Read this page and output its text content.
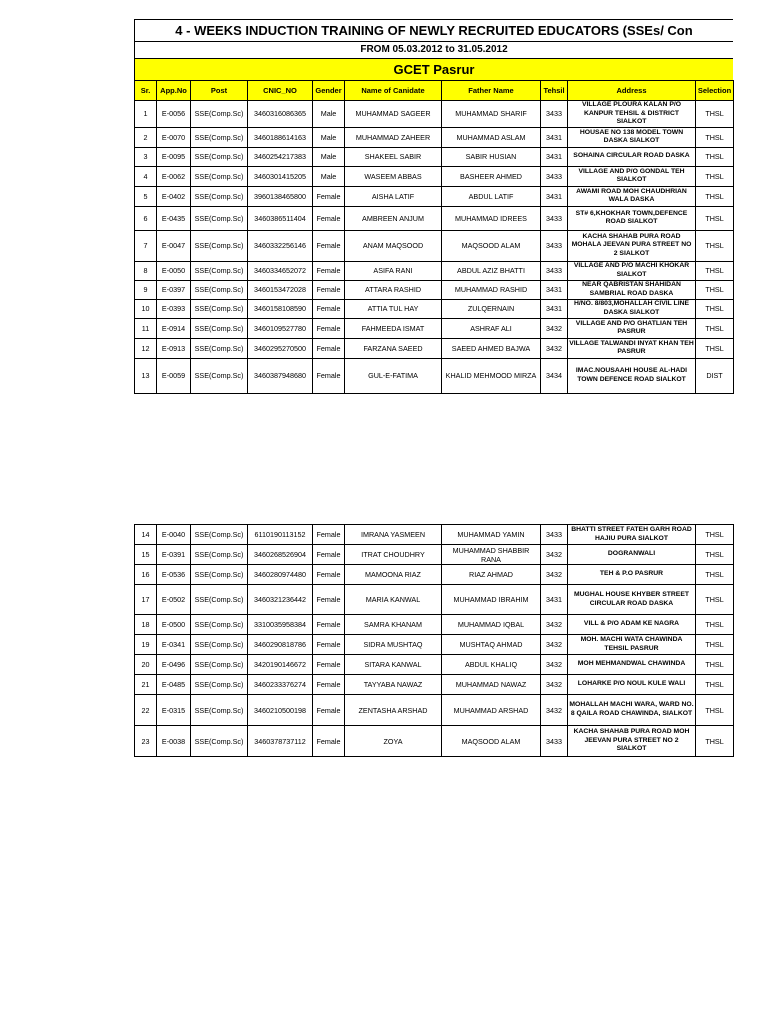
4 - WEEKS INDUCTION TRAINING OF NEWLY RECRUITED EDUCATORS (SSEs/ Con
FROM 05.03.2012 to 31.05.2012
GCET Pasrur
Sr.	App.No	Post	CNIC_NO	Gender	Name of Canidate	Father Name	Tehsil	Address	Selection
1	E-0056	SSE(Comp.Sc)	3460316086365	Male	MUHAMMAD SAGEER	MUHAMMAD SHARIF	3433	VILLAGE PLOURA KALAN P/O KANPUR TEHSIL & DISTRICT SIALKOT	THSL
2	E-0070	SSE(Comp.Sc)	3460188614163	Male	MUHAMMAD ZAHEER	MUHAMMAD ASLAM	3431	HOUSAE NO 138 MODEL TOWN DASKA SIALKOT	THSL
3	E-0095	SSE(Comp.Sc)	3460254217383	Male	SHAKEEL SABIR	SABIR HUSIAN	3431	SOHAINA CIRCULAR ROAD DASKA	THSL
4	E-0062	SSE(Comp.Sc)	3460301415205	Male	WASEEM ABBAS	BASHEER AHMED	3433	VILLAGE AND P/O GONDAL TEH SIALKOT	THSL
5	E-0402	SSE(Comp.Sc)	3960138465800	Female	AISHA LATIF	ABDUL LATIF	3431	AWAMI ROAD MOH CHAUDHRIAN WALA DASKA	THSL
6	E-0435	SSE(Comp.Sc)	3460386511404	Female	AMBREEN ANJUM	MUHAMMAD IDREES	3433	ST# 6,KHOKHAR TOWN,DEFENCE ROAD SIALKOT	THSL
7	E-0047	SSE(Comp.Sc)	3460332256146	Female	ANAM MAQSOOD	MAQSOOD ALAM	3433	KACHA SHAHAB PURA ROAD MOHALA JEEVAN PURA STREET NO 2 SIALKOT	THSL
8	E-0050	SSE(Comp.Sc)	3460334652072	Female	ASIFA RANI	ABDUL AZIZ BHATTI	3433	VILLAGE AND P/O MACHI KHOKAR SIALKOT	THSL
9	E-0397	SSE(Comp.Sc)	3460153472028	Female	ATTARA RASHID	MUHAMMAD RASHID	3431	NEAR QABRISTAN SHAHIDAN SAMBRIAL ROAD DASKA	THSL
10	E-0393	SSE(Comp.Sc)	3460158108590	Female	ATTIA TUL HAY	ZULQERNAIN	3431	H/NO. 8/803,MOHALLAH CIVIL LINE DASKA SIALKOT	THSL
11	E-0914	SSE(Comp.Sc)	3460109527780	Female	FAHMEEDA ISMAT	ASHRAF ALI	3432	VILLAGE AND P/O GHATLIAN TEH PASRUR	THSL
12	E-0913	SSE(Comp.Sc)	3460295270500	Female	FARZANA SAEED	SAEED AHMED BAJWA	3432	VILLAGE TALWANDI INYAT KHAN TEH PASRUR	THSL
13	E-0059	SSE(Comp.Sc)	3460387948680	Female	GUL-E-FATIMA	KHALID MEHMOOD MIRZA	3434	IMAC.NOUSAAHI HOUSE AL-HADI TOWN DEFENCE ROAD SIALKOT	DIST
14	E-0040	SSE(Comp.Sc)	6110190113152	Female	IMRANA YASMEEN	MUHAMMAD YAMIN	3433	BHATTI STREET FATEH GARH ROAD HAJIU PURA SIALKOT	THSL
15	E-0391	SSE(Comp.Sc)	3460268526904	Female	ITRAT CHOUDHRY	MUHAMMAD SHABBIR RANA	3432	DOGRANWALI	THSL
16	E-0536	SSE(Comp.Sc)	3460280974480	Female	MAMOONA RIAZ	RIAZ AHMAD	3432	TEH & P.O PASRUR	THSL
17	E-0502	SSE(Comp.Sc)	3460321236442	Female	MARIA KANWAL	MUHAMMAD IBRAHIM	3431	MUGHAL HOUSE KHYBER STREET CIRCULAR ROAD DASKA	THSL
18	E-0500	SSE(Comp.Sc)	3310035958384	Female	SAMRA KHANAM	MUHAMMAD IQBAL	3432	VILL & P/O ADAM KE NAGRA	THSL
19	E-0341	SSE(Comp.Sc)	3460290818786	Female	SIDRA MUSHTAQ	MUSHTAQ AHMAD	3432	MOH. MACHI WATA CHAWINDA TEHSIL PASRUR	THSL
20	E-0496	SSE(Comp.Sc)	3420190146672	Female	SITARA KANWAL	ABDUL KHALIQ	3432	MOH MEHMANDWAL CHAWINDA	THSL
21	E-0485	SSE(Comp.Sc)	3460233376274	Female	TAYYABA NAWAZ	MUHAMMAD NAWAZ	3432	LOHARKE P/O NOUL KULE WALI	THSL
22	E-0315	SSE(Comp.Sc)	3460210500198	Female	ZENTASHA ARSHAD	MUHAMMAD ARSHAD	3432	MOHALLAH MACHI WARA, WARD NO. 8 QAILA ROAD CHAWINDA, SIALKOT	THSL
23	E-0038	SSE(Comp.Sc)	3460378737112	Female	ZOYA	MAQSOOD ALAM	3433	KACHA SHAHAB PURA ROAD MOH JEEVAN PURA STREET NO 2 SIALKOT	THSL
